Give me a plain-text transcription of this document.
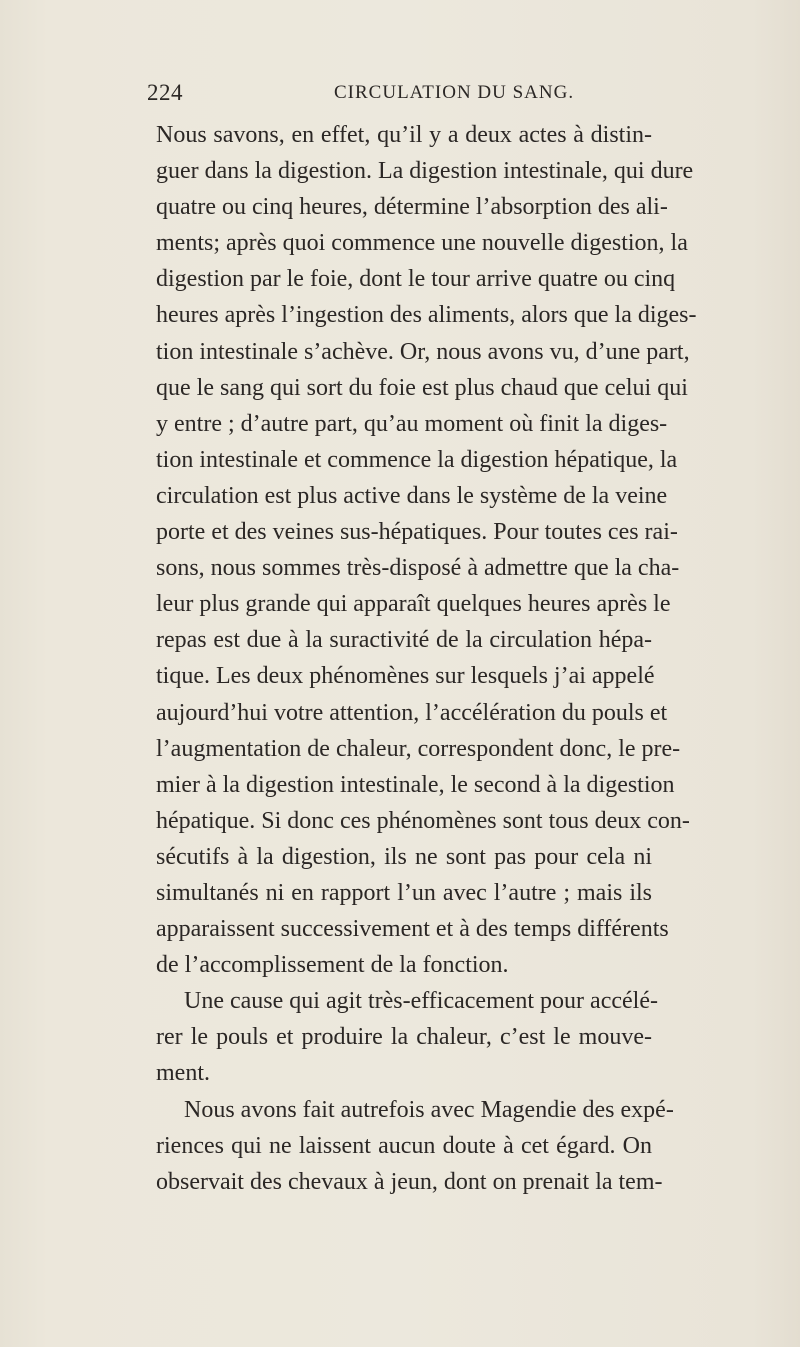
224	CIRCULATION DU SANG.
Nous savons, en effet, qu’il y a deux actes à distin-
guer dans la digestion. La digestion intestinale, qui dure
quatre ou cinq heures, détermine l’absorption des ali-
ments; après quoi commence une nouvelle digestion, la
digestion par le foie, dont le tour arrive quatre ou cinq
heures après l’ingestion des aliments, alors que la diges-
tion intestinale s’achève. Or, nous avons vu, d’une part,
que le sang qui sort du foie est plus chaud que celui qui
y entre ; d’autre part, qu’au moment où finit la diges-
tion intestinale et commence la digestion hépatique, la
circulation est plus active dans le système de la veine
porte et des veines sus-hépatiques. Pour toutes ces rai-
sons, nous sommes très-disposé à admettre que la cha-
leur plus grande qui apparaît quelques heures après le
repas est due à la suractivité de la circulation hépa-
tique. Les deux phénomènes sur lesquels j’ai appelé
aujourd’hui votre attention, l’accélération du pouls et
l’augmentation de chaleur, correspondent donc, le pre-
mier à la digestion intestinale, le second à la digestion
hépatique. Si donc ces phénomènes sont tous deux con-
sécutifs à la digestion, ils ne sont pas pour cela ni
simultanés ni en rapport l’un avec l’autre ; mais ils
apparaissent successivement et à des temps différents
de l’accomplissement de la fonction.
Une cause qui agit très-efficacement pour accélé-
rer le pouls et produire la chaleur, c’est le mouve-
ment.
Nous avons fait autrefois avec Magendie des expé-
riences qui ne laissent aucun doute à cet égard. On
observait des chevaux à jeun, dont on prenait la tem-
